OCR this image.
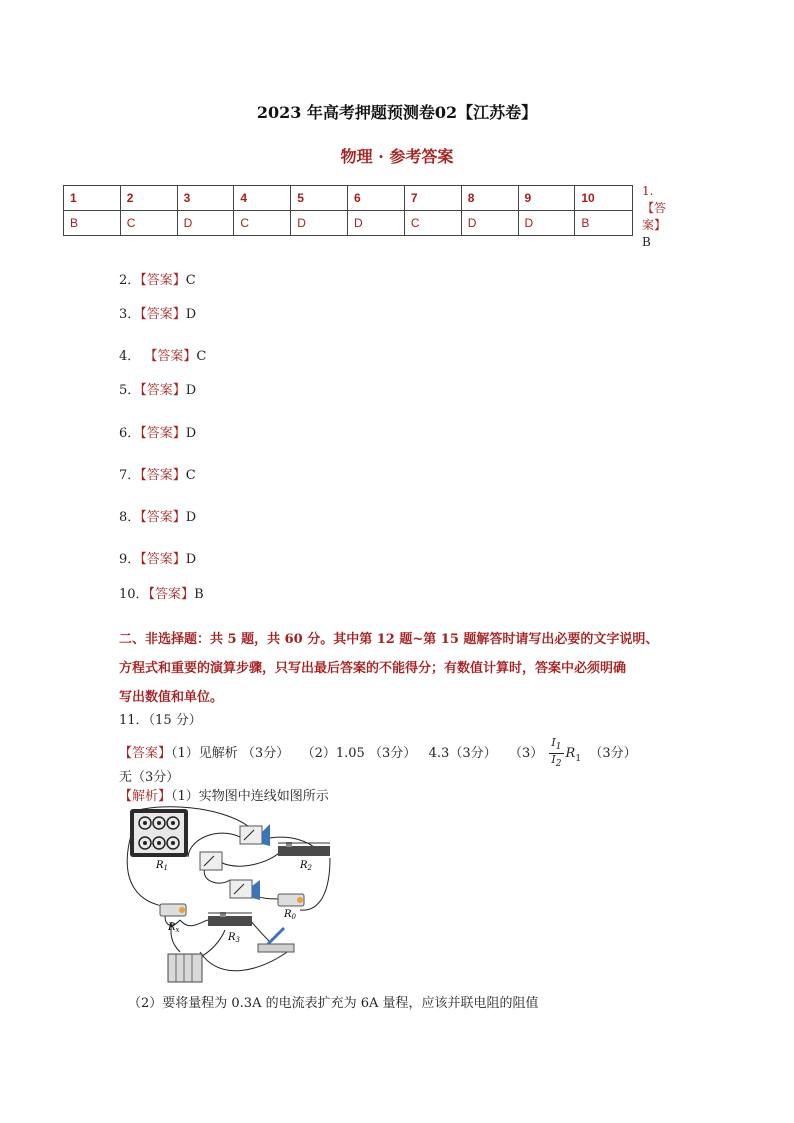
2023 年高考押题预测卷02【江苏卷】
物理 · 参考答案
1	2	3	4	5	6	7	8	9	10
B	C	D	C	D	D	C	D	D	B
1.
【答
案】
B
2．【答案】C
3．【答案】D
4． 【答案】C
5．【答案】D
6．【答案】D
7．【答案】C
8．【答案】D
9．【答案】D
10．【答案】B
二、非选择题：共 5 题，共 60 分。其中第 12 题~第 15 题解答时请写出必要的文字说明、
方程式和重要的演算步骤，只写出最后答案的不能得分；有数值计算时，答案中必须明确
写出数值和单位。
11．（15 分）
【答案】（1）见解析 （3分） （2）1.05 （3分） 4.3（3分） $(3) \frac{I_1}{I_2} R_1$ （3分）
无（3分）
【解析】（1）实物图中连线如图所示
$R_1$	$R_2$
$R_0$
$R_x$
$R_3$
（2）要将量程为 0.3A 的电流表扩充为 6A 量程，应该并联电阻的阻值
